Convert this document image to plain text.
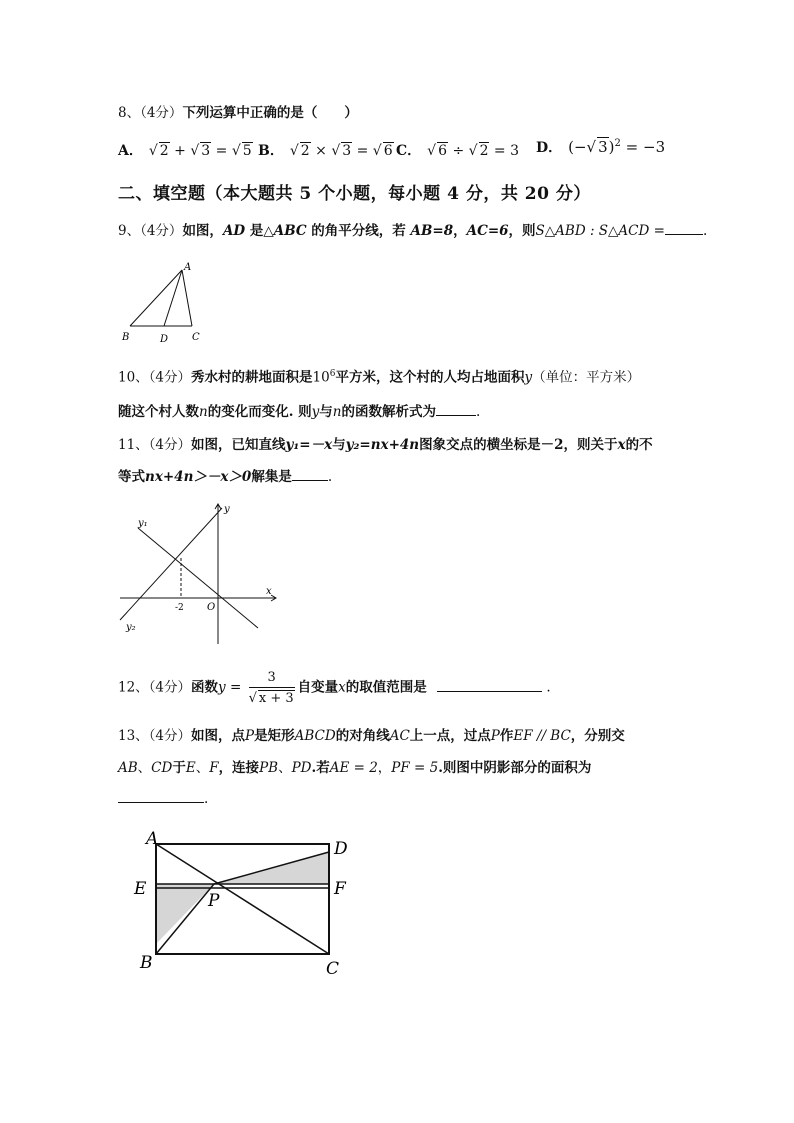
8、（4分）下列运算中正确的是（　　）
A． √ 2 + √ 3 = √ 5 B． √ 2 × √ 3 = √ 6 C． √ 6 ÷ √ 2 = 3 D． (−√ 3)$^2$ = −3
二、填空题（本大题共 5 个小题，每小题 4 分，共 20 分）
9、（4分）如图，AD 是△ABC 的角平分线，若 AB=8，AC=6，则S△ABD : S△ACD =	.
A
B	D C
10、（4分）秀水村的耕地面积是$10^6$平方米，这个村的人均占地面积y（单位：平方米）
随这个村人数n的变化而变化. 则y与n的函数解析式为	.
11、（4分）如图，已知直线y₁=－x与y₂=nx+4n图象交点的横坐标是－2，则关于x的不
等式nx+4n＞－x＞0解集是	.
y₁
y₂
y
x
O
-2
12、（4分）函数$y = \frac{3}{√ x + 3}$ 自变量x的取值范围是	.
13、（4分）如图，点P是矩形ABCD的对角线AC上一点，过点P作EF // BC，分别交
AB、CD于E、F，连接PB、PD.若AE = 2，PF = 5.则图中阴影部分的面积为
.
A	D
E	F
P
B	C
